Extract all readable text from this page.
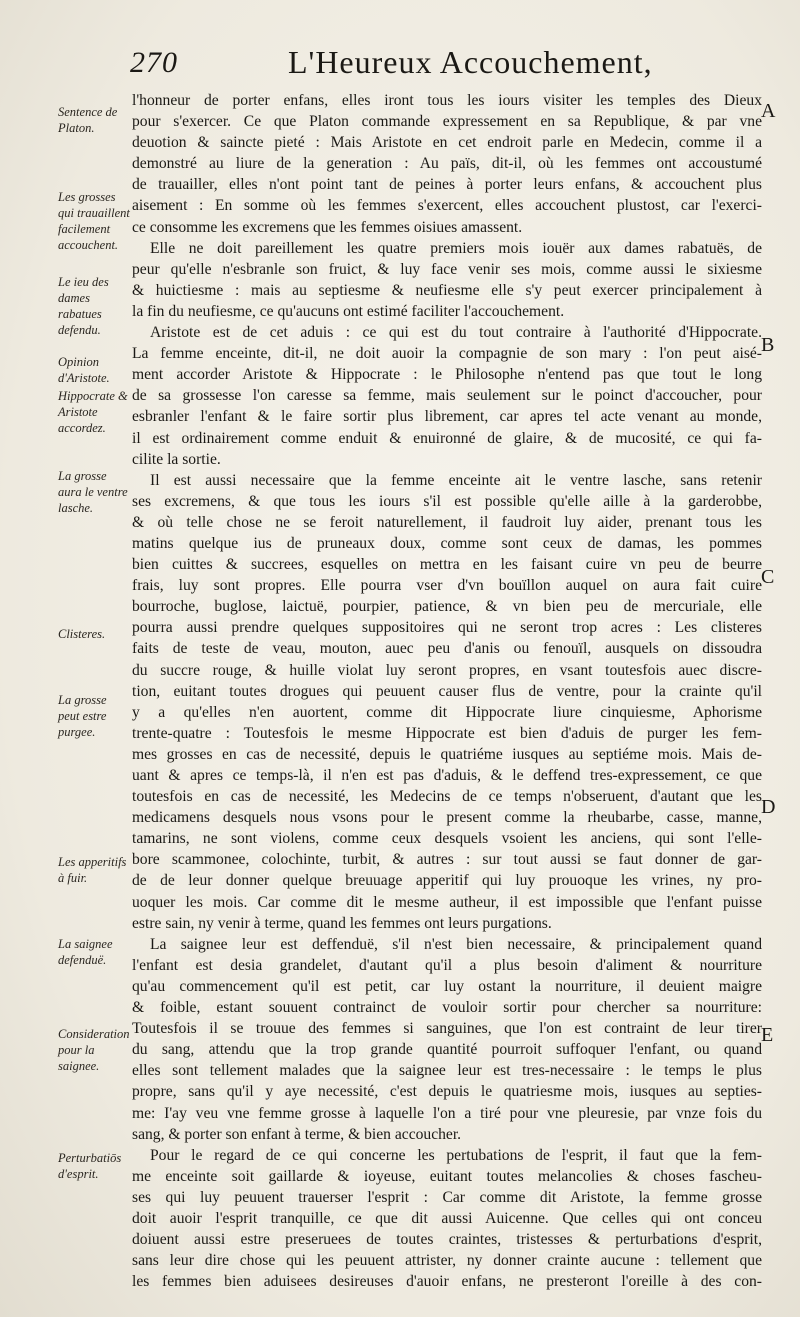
270	L'Heureux Accouchement,
Sentence de Platon.
Les grosses qui trauaillent facilement accouchent.
Le ieu des dames rabatues defendu.
Opinion d'Aristote.
Hippocrate & Aristote accordez.
La grosse aura le ventre lasche.
Clisteres.
La grosse peut estre purgee.
Les apperitifs à fuir.
La saignee defenduë.
Consideration pour la saignee.
Perturbatiōs d'esprit.
A
B
C
D
E
l'honneur de porter enfans, elles iront tous les iours visiter les temples des Dieux
pour s'exercer. Ce que Platon commande expressement en sa Republique, & par vne
deuotion & saincte pieté : Mais Aristote en cet endroit parle en Medecin, comme il a
demonstré au liure de la generation : Au païs, dit-il, où les femmes ont accoustumé
de trauailler, elles n'ont point tant de peines à porter leurs enfans, & accouchent plus
aisement : En somme où les femmes s'exercent, elles accouchent plustost, car l'exerci-
ce consomme les excremens que les femmes oisiues amassent.
Elle ne doit pareillement les quatre premiers mois iouër aux dames rabatuës, de
peur qu'elle n'esbranle son fruict, & luy face venir ses mois, comme aussi le sixiesme
& huictiesme : mais au septiesme & neufiesme elle s'y peut exercer principalement à
la fin du neufiesme, ce qu'aucuns ont estimé faciliter l'accouchement.
Aristote est de cet aduis : ce qui est du tout contraire à l'authorité d'Hippocrate.
La femme enceinte, dit-il, ne doit auoir la compagnie de son mary : l'on peut aisé-
ment accorder Aristote & Hippocrate : le Philosophe n'entend pas que tout le long
de sa grossesse l'on caresse sa femme, mais seulement sur le poinct d'accoucher, pour
esbranler l'enfant & le faire sortir plus librement, car apres tel acte venant au monde,
il est ordinairement comme enduit & enuironné de glaire, & de mucosité, ce qui fa-
cilite la sortie.
Il est aussi necessaire que la femme enceinte ait le ventre lasche, sans retenir
ses excremens, & que tous les iours s'il est possible qu'elle aille à la garderobbe,
& où telle chose ne se feroit naturellement, il faudroit luy aider, prenant tous les
matins quelque ius de pruneaux doux, comme sont ceux de damas, les pommes
bien cuittes & succrees, esquelles on mettra en les faisant cuire vn peu de beurre
frais, luy sont propres. Elle pourra vser d'vn bouïllon auquel on aura fait cuire
bourroche, buglose, laictuë, pourpier, patience, & vn bien peu de mercuriale, elle
pourra aussi prendre quelques suppositoires qui ne seront trop acres : Les clisteres
faits de teste de veau, mouton, auec peu d'anis ou fenouïl, ausquels on dissoudra
du succre rouge, & huille violat luy seront propres, en vsant toutesfois auec discre-
tion, euitant toutes drogues qui peuuent causer flus de ventre, pour la crainte qu'il
y a qu'elles n'en auortent, comme dit Hippocrate liure cinquiesme, Aphorisme
trente-quatre : Toutesfois le mesme Hippocrate est bien d'aduis de purger les fem-
mes grosses en cas de necessité, depuis le quatriéme iusques au septiéme mois. Mais de-
uant & apres ce temps-là, il n'en est pas d'aduis, & le deffend tres-expressement, ce que
toutesfois en cas de necessité, les Medecins de ce temps n'obseruent, d'autant que les
medicamens desquels nous vsons pour le present comme la rheubarbe, casse, manne,
tamarins, ne sont violens, comme ceux desquels vsoient les anciens, qui sont l'elle-
bore scammonee, colochinte, turbit, & autres : sur tout aussi se faut donner de gar-
de de leur donner quelque breuuage apperitif qui luy prouoque les vrines, ny pro-
uoquer les mois. Car comme dit le mesme autheur, il est impossible que l'enfant puisse
estre sain, ny venir à terme, quand les femmes ont leurs purgations.
La saignee leur est deffenduë, s'il n'est bien necessaire, & principalement quand
l'enfant est desia grandelet, d'autant qu'il a plus besoin d'aliment & nourriture
qu'au commencement qu'il est petit, car luy ostant la nourriture, il deuient maigre
& foible, estant souuent contrainct de vouloir sortir pour chercher sa nourriture:
Toutesfois il se trouue des femmes si sanguines, que l'on est contraint de leur tirer
du sang, attendu que la trop grande quantité pourroit suffoquer l'enfant, ou quand
elles sont tellement malades que la saignee leur est tres-necessaire : le temps le plus
propre, sans qu'il y aye necessité, c'est depuis le quatriesme mois, iusques au septies-
me: I'ay veu vne femme grosse à laquelle l'on a tiré pour vne pleuresie, par vnze fois du
sang, & porter son enfant à terme, & bien accoucher.
Pour le regard de ce qui concerne les pertubations de l'esprit, il faut que la fem-
me enceinte soit gaillarde & ioyeuse, euitant toutes melancolies & choses fascheu-
ses qui luy peuuent trauerser l'esprit : Car comme dit Aristote, la femme grosse
doit auoir l'esprit tranquille, ce que dit aussi Auicenne. Que celles qui ont conceu
doiuent aussi estre preseruees de toutes craintes, tristesses & perturbations d'esprit,
sans leur dire chose qui les peuuent attrister, ny donner crainte aucune : tellement que
les femmes bien aduisees desireuses d'auoir enfans, ne presteront l'oreille à des con-
